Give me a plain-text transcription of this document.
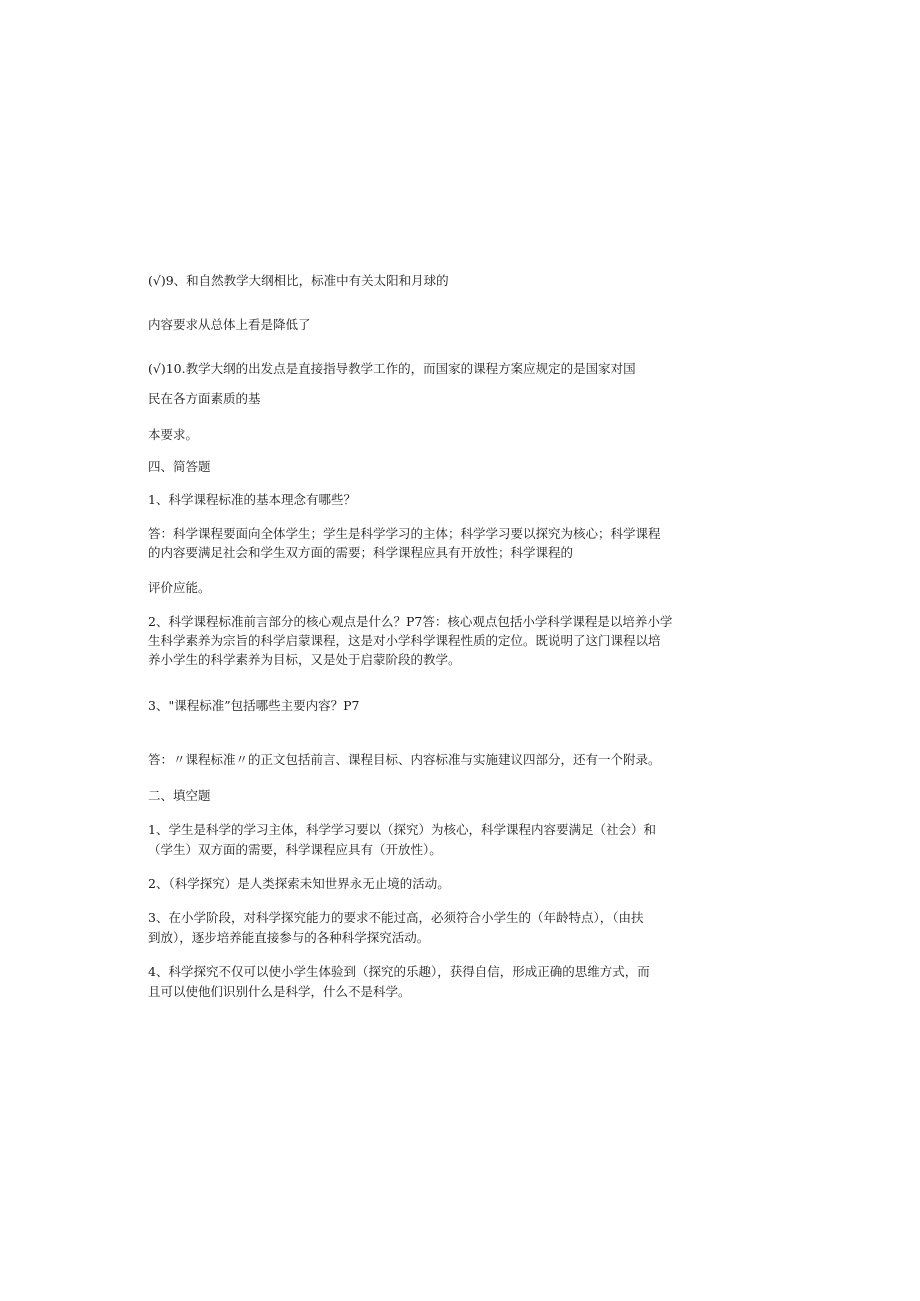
(√)9、和自然教学大纲相比，标准中有关太阳和月球的
内容要求从总体上看是降低了
(√)10.教学大纲的出发点是直接指导教学工作的，而国家的课程方案应规定的是国家对国
民在各方面素质的基
本要求。
四、简答题
1、科学课程标准的基本理念有哪些？
答：科学课程要面向全体学生；学生是科学学习的主体；科学学习要以探究为核心；科学课程
的内容要满足社会和学生双方面的需要；科学课程应具有开放性；科学课程的
评价应能。
2、科学课程标准前言部分的核心观点是什么？P7答：核心观点包括小学科学课程是以培养小学
生科学素养为宗旨的科学启蒙课程，这是对小学科学课程性质的定位。既说明了这门课程以培
养小学生的科学素养为目标，又是处于启蒙阶段的教学。
3、"课程标准”包括哪些主要内容？P7
答：〃课程标准〃的正文包括前言、课程目标、内容标准与实施建议四部分，还有一个附录。
二、填空题
1、学生是科学的学习主体，科学学习要以（探究）为核心，科学课程内容要满足（社会）和
（学生）双方面的需要，科学课程应具有（开放性）。
2、（科学探究）是人类探索未知世界永无止境的活动。
3、在小学阶段，对科学探究能力的要求不能过高，必须符合小学生的（年龄特点），（由扶
到放），逐步培养能直接参与的各种科学探究活动。
4、科学探究不仅可以使小学生体验到（探究的乐趣），获得自信，形成正确的思维方式，而
且可以使他们识别什么是科学，什么不是科学。
